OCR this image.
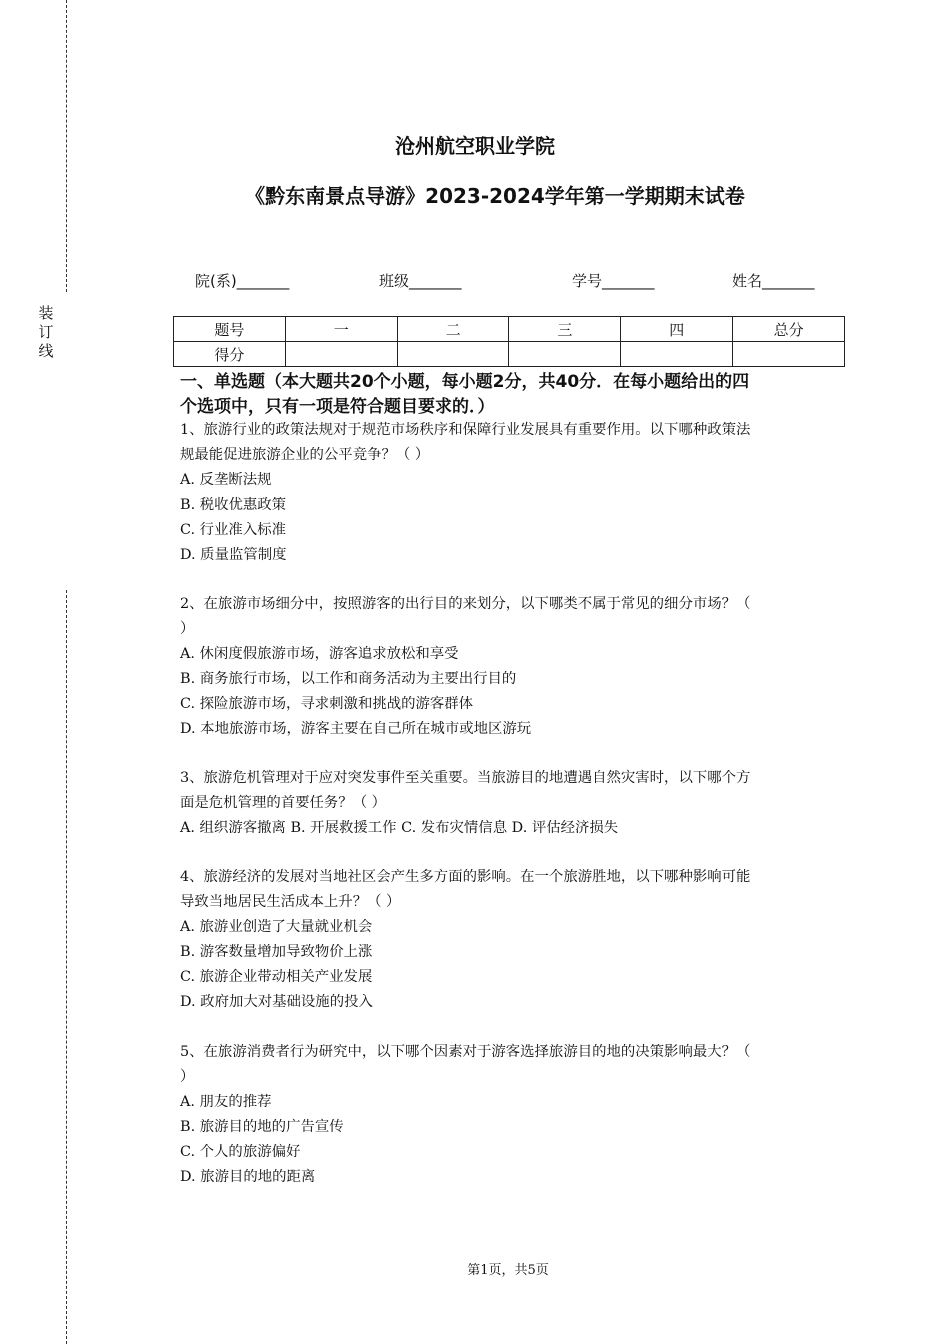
装
订
线
沧州航空职业学院
《黔东南景点导游》2023-2024学年第一学期期末试卷
院(系)_______	班级_______	学号_______	姓名_______
题号	一	二	三	四	总分
得分					
一、单选题（本大题共20个小题，每小题2分，共40分．在每小题给出的四
个选项中，只有一项是符合题目要求的．）
1、旅游行业的政策法规对于规范市场秩序和保障行业发展具有重要作用。以下哪种政策法
规最能促进旅游企业的公平竞争？（ ）
A. 反垄断法规
B. 税收优惠政策
C. 行业准入标准
D. 质量监管制度
2、在旅游市场细分中，按照游客的出行目的来划分，以下哪类不属于常见的细分市场？（
）
A. 休闲度假旅游市场，游客追求放松和享受
B. 商务旅行市场，以工作和商务活动为主要出行目的
C. 探险旅游市场，寻求刺激和挑战的游客群体
D. 本地旅游市场，游客主要在自己所在城市或地区游玩
3、旅游危机管理对于应对突发事件至关重要。当旅游目的地遭遇自然灾害时，以下哪个方
面是危机管理的首要任务？（ ）
A. 组织游客撤离 B. 开展救援工作 C. 发布灾情信息 D. 评估经济损失
4、旅游经济的发展对当地社区会产生多方面的影响。在一个旅游胜地，以下哪种影响可能
导致当地居民生活成本上升？（ ）
A. 旅游业创造了大量就业机会
B. 游客数量增加导致物价上涨
C. 旅游企业带动相关产业发展
D. 政府加大对基础设施的投入
5、在旅游消费者行为研究中，以下哪个因素对于游客选择旅游目的地的决策影响最大？（
）
A. 朋友的推荐
B. 旅游目的地的广告宣传
C. 个人的旅游偏好
D. 旅游目的地的距离
第1页，共5页
